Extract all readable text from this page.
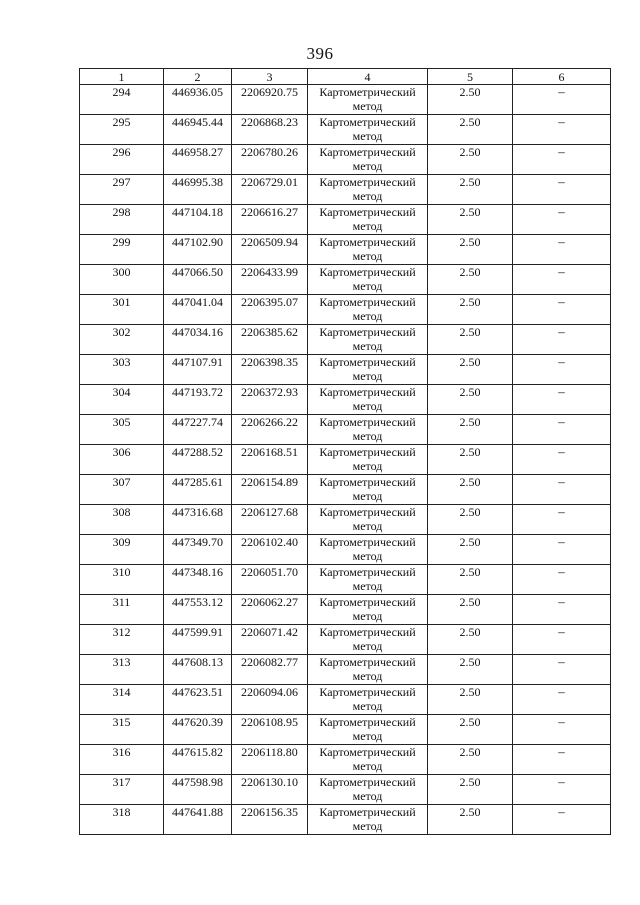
396
1	2	3	4	5	6
294	446936.05	2206920.75	Картометрический метод	2.50	–
295	446945.44	2206868.23	Картометрический метод	2.50	–
296	446958.27	2206780.26	Картометрический метод	2.50	–
297	446995.38	2206729.01	Картометрический метод	2.50	–
298	447104.18	2206616.27	Картометрический метод	2.50	–
299	447102.90	2206509.94	Картометрический метод	2.50	–
300	447066.50	2206433.99	Картометрический метод	2.50	–
301	447041.04	2206395.07	Картометрический метод	2.50	–
302	447034.16	2206385.62	Картометрический метод	2.50	–
303	447107.91	2206398.35	Картометрический метод	2.50	–
304	447193.72	2206372.93	Картометрический метод	2.50	–
305	447227.74	2206266.22	Картометрический метод	2.50	–
306	447288.52	2206168.51	Картометрический метод	2.50	–
307	447285.61	2206154.89	Картометрический метод	2.50	–
308	447316.68	2206127.68	Картометрический метод	2.50	–
309	447349.70	2206102.40	Картометрический метод	2.50	–
310	447348.16	2206051.70	Картометрический метод	2.50	–
311	447553.12	2206062.27	Картометрический метод	2.50	–
312	447599.91	2206071.42	Картометрический метод	2.50	–
313	447608.13	2206082.77	Картометрический метод	2.50	–
314	447623.51	2206094.06	Картометрический метод	2.50	–
315	447620.39	2206108.95	Картометрический метод	2.50	–
316	447615.82	2206118.80	Картометрический метод	2.50	–
317	447598.98	2206130.10	Картометрический метод	2.50	–
318	447641.88	2206156.35	Картометрический метод	2.50	–
